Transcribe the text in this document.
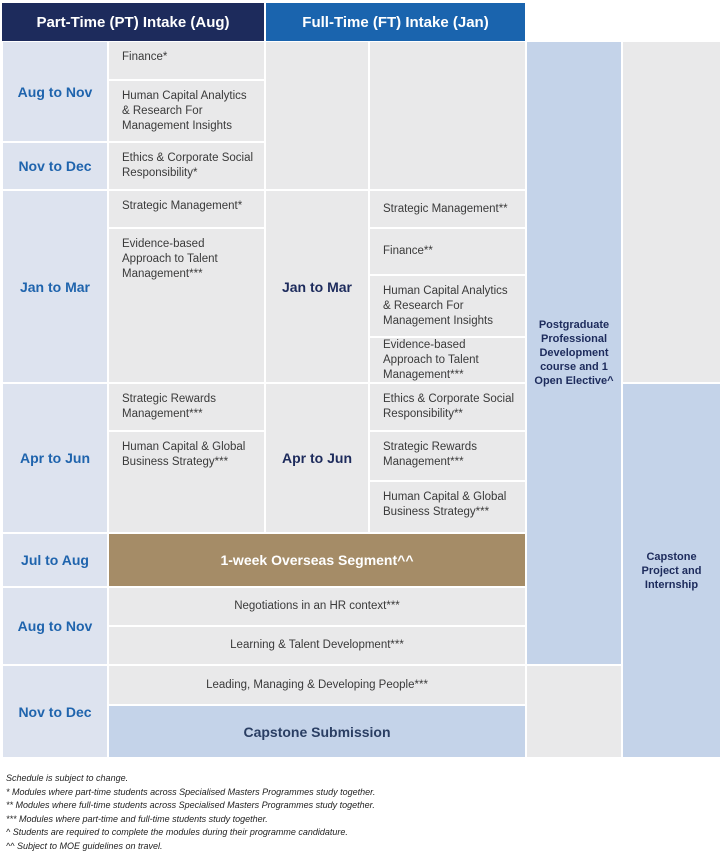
Part-Time (PT) Intake (Aug)	Full-Time (FT) Intake (Jan)
Aug to Nov
Nov to Dec
Jan to Mar
Apr to Jun
Jul to Aug
Aug to Nov
Nov to Dec
Finance*
Human Capital Analytics & Research For Management Insights
Ethics & Corporate Social Responsibility*
Strategic Management*
Evidence-based Approach to Talent Management***
Strategic Rewards Management***
Human Capital & Global Business Strategy***
Jan to Mar
Apr to Jun
Strategic Management**
Finance**
Human Capital Analytics & Research For Management Insights
Evidence-based Approach to Talent Management***
Ethics & Corporate Social Responsibility**
Strategic Rewards Management***
Human Capital & Global Business Strategy***
1-week Overseas Segment^^
Negotiations in an HR context***
Learning & Talent Development***
Leading, Managing & Developing People***
Capstone Submission
Postgraduate Professional Development course and 1 Open Elective^
Capstone Project and Internship
Schedule is subject to change.
* Modules where part-time students across Specialised Masters Programmes study together.
** Modules where full-time students across Specialised Masters Programmes study together.
*** Modules where part-time and full-time students study together.
^ Students are required to complete the modules during their programme candidature.
^^ Subject to MOE guidelines on travel.
